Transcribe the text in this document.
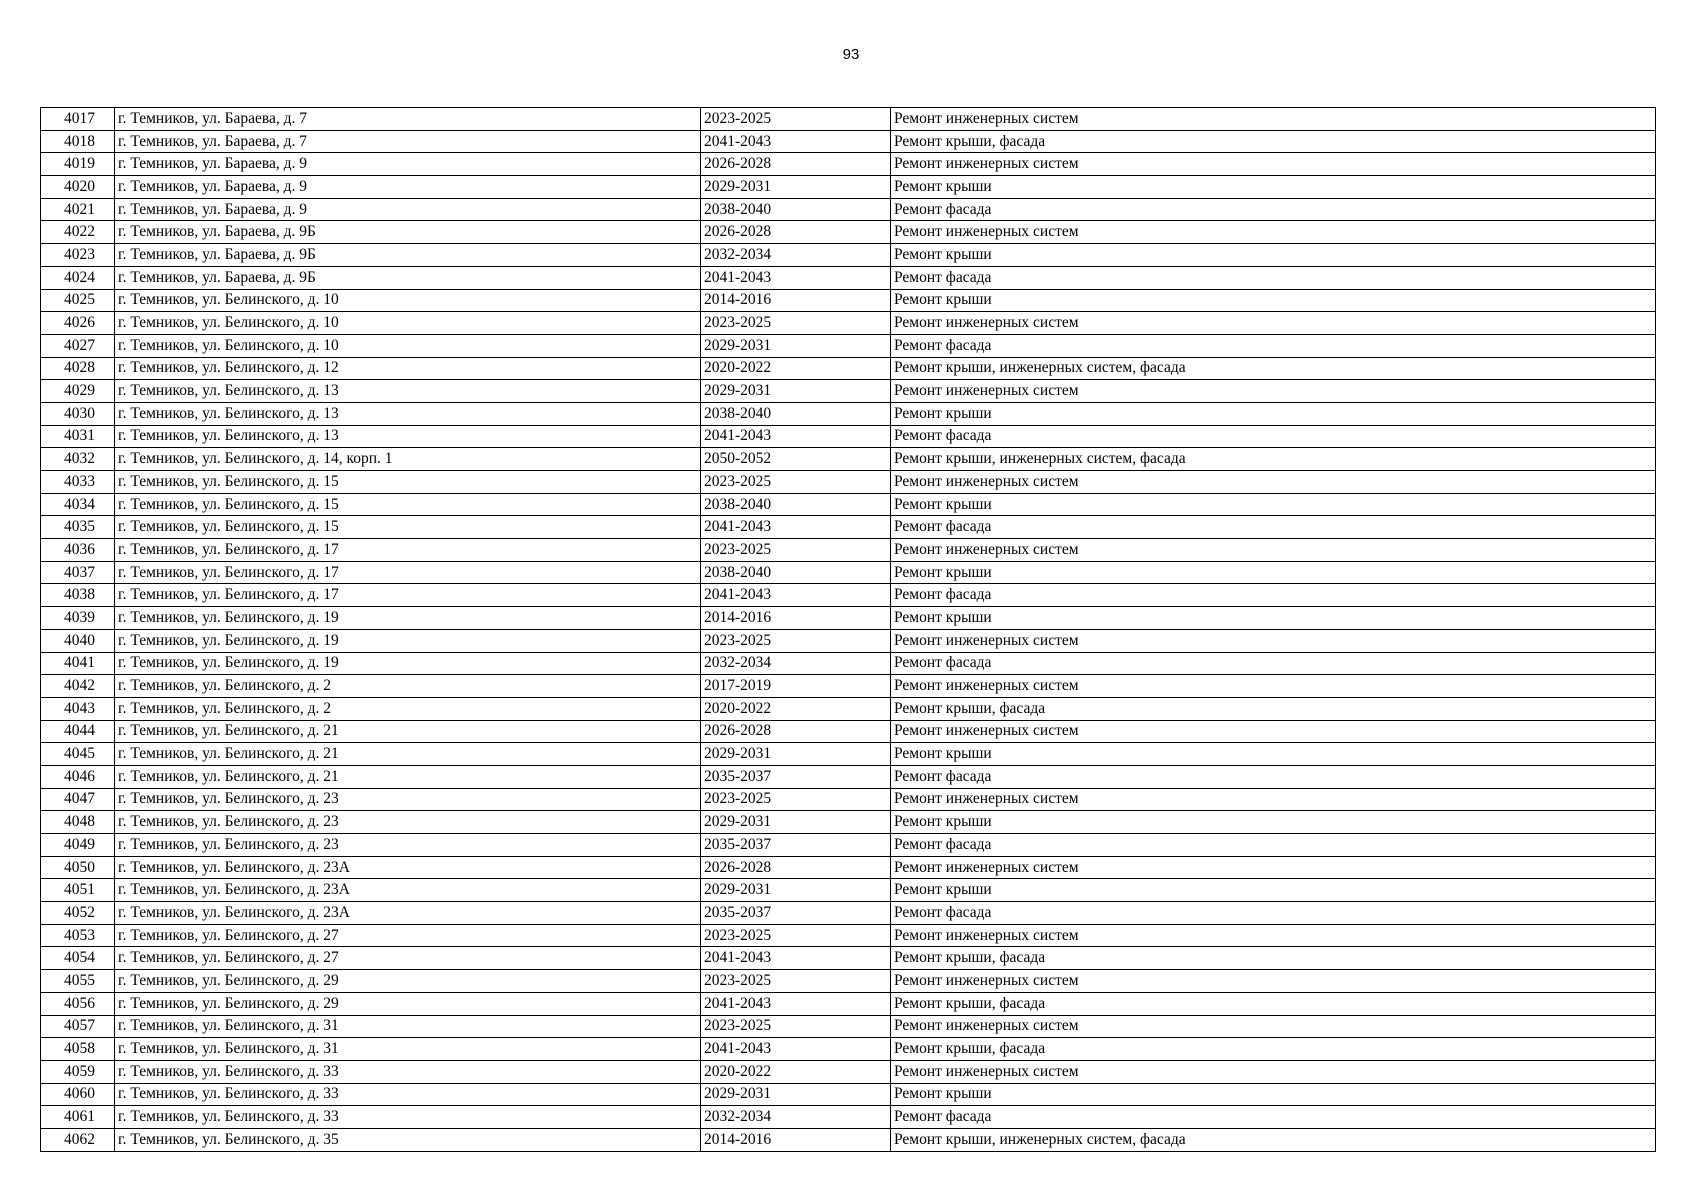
93
4017	г. Темников, ул. Бараева, д. 7	2023-2025	Ремонт инженерных систем
4018	г. Темников, ул. Бараева, д. 7	2041-2043	Ремонт крыши, фасада
4019	г. Темников, ул. Бараева, д. 9	2026-2028	Ремонт инженерных систем
4020	г. Темников, ул. Бараева, д. 9	2029-2031	Ремонт крыши
4021	г. Темников, ул. Бараева, д. 9	2038-2040	Ремонт фасада
4022	г. Темников, ул. Бараева, д. 9Б	2026-2028	Ремонт инженерных систем
4023	г. Темников, ул. Бараева, д. 9Б	2032-2034	Ремонт крыши
4024	г. Темников, ул. Бараева, д. 9Б	2041-2043	Ремонт фасада
4025	г. Темников, ул. Белинского, д. 10	2014-2016	Ремонт крыши
4026	г. Темников, ул. Белинского, д. 10	2023-2025	Ремонт инженерных систем
4027	г. Темников, ул. Белинского, д. 10	2029-2031	Ремонт фасада
4028	г. Темников, ул. Белинского, д. 12	2020-2022	Ремонт крыши, инженерных систем, фасада
4029	г. Темников, ул. Белинского, д. 13	2029-2031	Ремонт инженерных систем
4030	г. Темников, ул. Белинского, д. 13	2038-2040	Ремонт крыши
4031	г. Темников, ул. Белинского, д. 13	2041-2043	Ремонт фасада
4032	г. Темников, ул. Белинского, д. 14, корп. 1	2050-2052	Ремонт крыши, инженерных систем, фасада
4033	г. Темников, ул. Белинского, д. 15	2023-2025	Ремонт инженерных систем
4034	г. Темников, ул. Белинского, д. 15	2038-2040	Ремонт крыши
4035	г. Темников, ул. Белинского, д. 15	2041-2043	Ремонт фасада
4036	г. Темников, ул. Белинского, д. 17	2023-2025	Ремонт инженерных систем
4037	г. Темников, ул. Белинского, д. 17	2038-2040	Ремонт крыши
4038	г. Темников, ул. Белинского, д. 17	2041-2043	Ремонт фасада
4039	г. Темников, ул. Белинского, д. 19	2014-2016	Ремонт крыши
4040	г. Темников, ул. Белинского, д. 19	2023-2025	Ремонт инженерных систем
4041	г. Темников, ул. Белинского, д. 19	2032-2034	Ремонт фасада
4042	г. Темников, ул. Белинского, д. 2	2017-2019	Ремонт инженерных систем
4043	г. Темников, ул. Белинского, д. 2	2020-2022	Ремонт крыши, фасада
4044	г. Темников, ул. Белинского, д. 21	2026-2028	Ремонт инженерных систем
4045	г. Темников, ул. Белинского, д. 21	2029-2031	Ремонт крыши
4046	г. Темников, ул. Белинского, д. 21	2035-2037	Ремонт фасада
4047	г. Темников, ул. Белинского, д. 23	2023-2025	Ремонт инженерных систем
4048	г. Темников, ул. Белинского, д. 23	2029-2031	Ремонт крыши
4049	г. Темников, ул. Белинского, д. 23	2035-2037	Ремонт фасада
4050	г. Темников, ул. Белинского, д. 23А	2026-2028	Ремонт инженерных систем
4051	г. Темников, ул. Белинского, д. 23А	2029-2031	Ремонт крыши
4052	г. Темников, ул. Белинского, д. 23А	2035-2037	Ремонт фасада
4053	г. Темников, ул. Белинского, д. 27	2023-2025	Ремонт инженерных систем
4054	г. Темников, ул. Белинского, д. 27	2041-2043	Ремонт крыши, фасада
4055	г. Темников, ул. Белинского, д. 29	2023-2025	Ремонт инженерных систем
4056	г. Темников, ул. Белинского, д. 29	2041-2043	Ремонт крыши, фасада
4057	г. Темников, ул. Белинского, д. 31	2023-2025	Ремонт инженерных систем
4058	г. Темников, ул. Белинского, д. 31	2041-2043	Ремонт крыши, фасада
4059	г. Темников, ул. Белинского, д. 33	2020-2022	Ремонт инженерных систем
4060	г. Темников, ул. Белинского, д. 33	2029-2031	Ремонт крыши
4061	г. Темников, ул. Белинского, д. 33	2032-2034	Ремонт фасада
4062	г. Темников, ул. Белинского, д. 35	2014-2016	Ремонт крыши, инженерных систем, фасада
